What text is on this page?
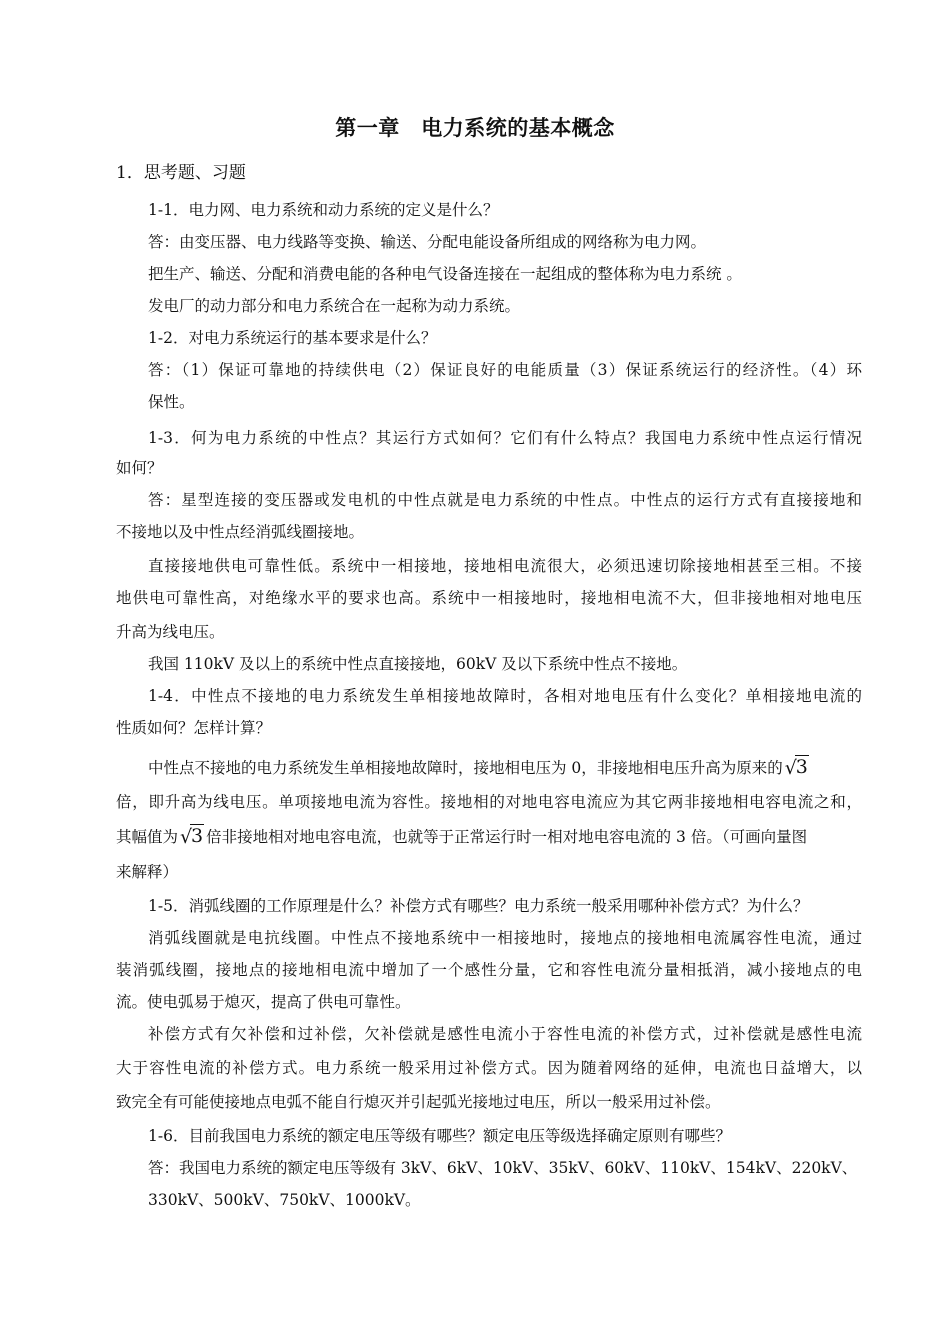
第一章　电力系统的基本概念
1．思考题、习题
1-1．电力网、电力系统和动力系统的定义是什么？
答：由变压器、电力线路等变换、输送、分配电能设备所组成的网络称为电力网。
把生产、输送、分配和消费电能的各种电气设备连接在一起组成的整体称为电力系统 。
发电厂的动力部分和电力系统合在一起称为动力系统。
1-2．对电力系统运行的基本要求是什么？
答：（1）保证可靠地的持续供电（2）保证良好的电能质量（3）保证系统运行的经济性。（4）环
保性。
1-3．何为电力系统的中性点？其运行方式如何？它们有什么特点？我国电力系统中性点运行情况
如何？
答：星型连接的变压器或发电机的中性点就是电力系统的中性点。中性点的运行方式有直接接地和
不接地以及中性点经消弧线圈接地。
直接接地供电可靠性低。系统中一相接地，接地相电流很大，必须迅速切除接地相甚至三相。不接
地供电可靠性高，对绝缘水平的要求也高。系统中一相接地时，接地相电流不大，但非接地相对地电压
升高为线电压。
我国 110kV 及以上的系统中性点直接接地，60kV 及以下系统中性点不接地。
1-4．中性点不接地的电力系统发生单相接地故障时，各相对地电压有什么变化？单相接地电流的
性质如何？怎样计算？
中性点不接地的电力系统发生单相接地故障时，接地相电压为 0，非接地相电压升高为原来的 √
3
倍，即升高为线电压。单项接地电流为容性。接地相的对地电容电流应为其它两非接地相电容电流之和，
其幅值为 √
3 倍非接地相对地电容电流，也就等于正常运行时一相对地电容电流的 3 倍。（可画向量图
来解释）
1-5．消弧线圈的工作原理是什么？补偿方式有哪些？电力系统一般采用哪种补偿方式？为什么？
消弧线圈就是电抗线圈。中性点不接地系统中一相接地时，接地点的接地相电流属容性电流，通过
装消弧线圈，接地点的接地相电流中增加了一个感性分量，它和容性电流分量相抵消，减小接地点的电
流。使电弧易于熄灭，提高了供电可靠性。
补偿方式有欠补偿和过补偿，欠补偿就是感性电流小于容性电流的补偿方式，过补偿就是感性电流
大于容性电流的补偿方式。电力系统一般采用过补偿方式。因为随着网络的延伸，电流也日益增大，以
致完全有可能使接地点电弧不能自行熄灭并引起弧光接地过电压，所以一般采用过补偿。
1-6．目前我国电力系统的额定电压等级有哪些？额定电压等级选择确定原则有哪些？
答：我国电力系统的额定电压等级有 3kV、6kV、10kV、35kV、60kV、110kV、154kV、220kV、
330kV、500kV、750kV、1000kV。
